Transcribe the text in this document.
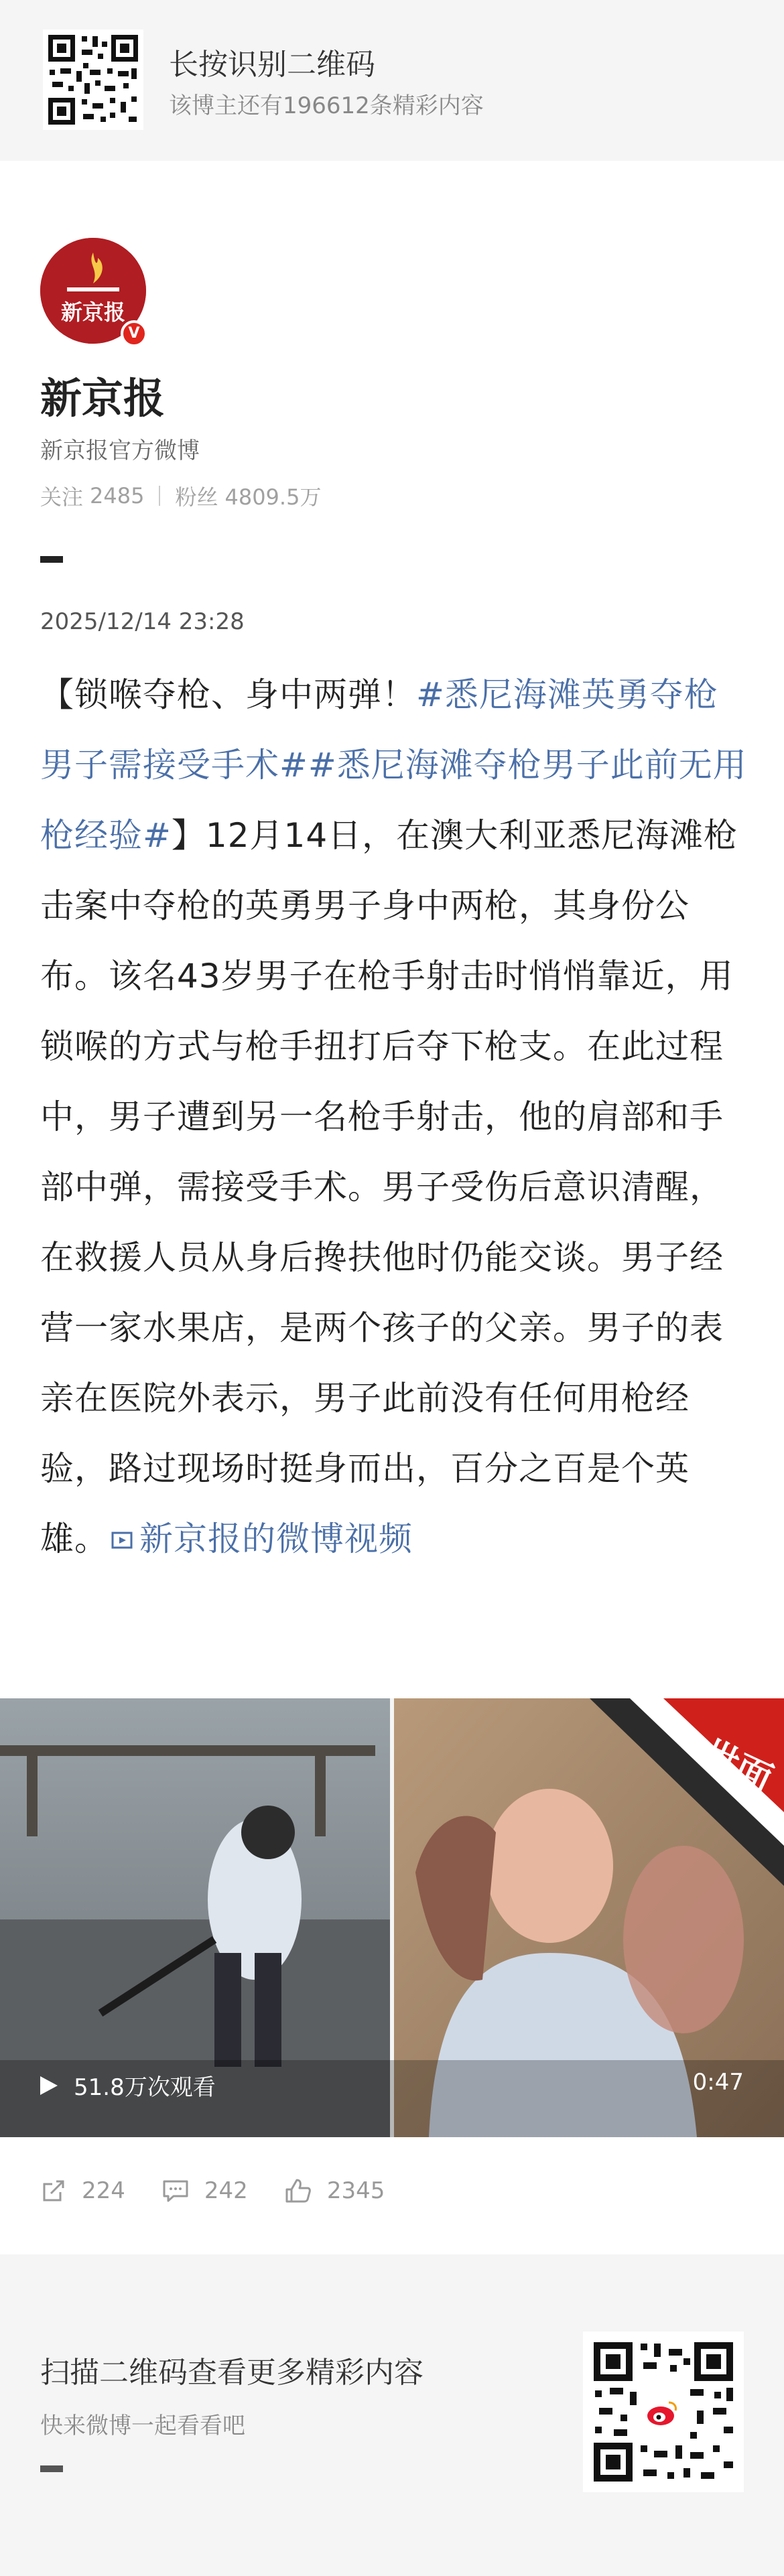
长按识别二维码
该博主还有196612条精彩内容
新京报
V
新京报
新京报官方微博
关注 2485 粉丝 4809.5万
2025/12/14 23:28
【锁喉夺枪、身中两弹！#悉尼海滩英勇夺枪男子需接受手术##悉尼海滩夺枪男子此前无用枪经验#】12月14日，在澳大利亚悉尼海滩枪击案中夺枪的英勇男子身中两枪，其身份公布。该名43岁男子在枪手射击时悄悄靠近，用锁喉的方式与枪手扭打后夺下枪支。在此过程中，男子遭到另一名枪手射击，他的肩部和手部中弹，需接受手术。男子受伤后意识清醒，在救援人员从身后搀扶他时仍能交谈。男子经营一家水果店，是两个孩子的父亲。男子的表亲在医院外表示，男子此前没有任何用枪经验，路过现场时挺身而出，百分之百是个英雄。 新京报的微博视频
世面
51.8万次观看	0:47
224	242	2345
扫描二维码查看更多精彩内容
快来微博一起看看吧
